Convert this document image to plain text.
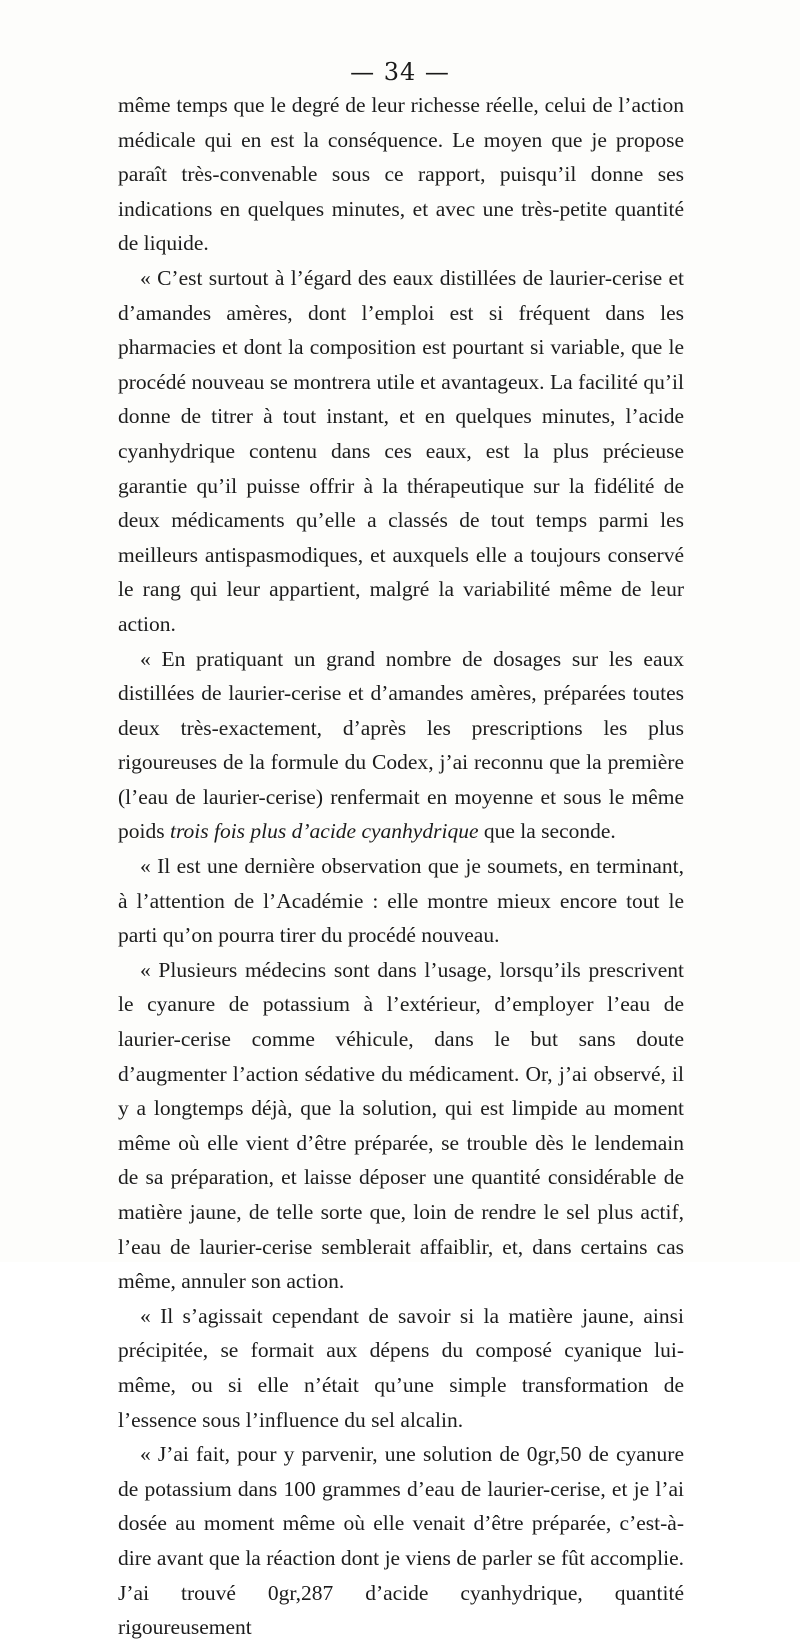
— 34 —

même temps que le degré de leur richesse réelle, celui de l’action médicale qui en est la conséquence. Le moyen que je propose paraît très-convenable sous ce rapport, puisqu’il donne ses indications en quelques minutes, et avec une très-petite quantité de liquide.

« C’est surtout à l’égard des eaux distillées de laurier-cerise et d’amandes amères, dont l’emploi est si fréquent dans les pharmacies et dont la composition est pourtant si variable, que le procédé nouveau se montrera utile et avantageux. La facilité qu’il donne de titrer à tout instant, et en quelques minutes, l’acide cyanhydrique contenu dans ces eaux, est la plus précieuse garantie qu’il puisse offrir à la thérapeutique sur la fidélité de deux médicaments qu’elle a classés de tout temps parmi les meilleurs antispasmodiques, et auxquels elle a toujours conservé le rang qui leur appartient, malgré la variabilité même de leur action.

« En pratiquant un grand nombre de dosages sur les eaux distillées de laurier-cerise et d’amandes amères, préparées toutes deux très-exactement, d’après les prescriptions les plus rigoureuses de la formule du Codex, j’ai reconnu que la première (l’eau de laurier-cerise) renfermait en moyenne et sous le même poids trois fois plus d’acide cyanhydrique que la seconde.

« Il est une dernière observation que je soumets, en terminant, à l’attention de l’Académie : elle montre mieux encore tout le parti qu’on pourra tirer du procédé nouveau.

« Plusieurs médecins sont dans l’usage, lorsqu’ils prescrivent le cyanure de potassium à l’extérieur, d’employer l’eau de laurier-cerise comme véhicule, dans le but sans doute d’augmenter l’action sédative du médicament. Or, j’ai observé, il y a longtemps déjà, que la solution, qui est limpide au moment même où elle vient d’être préparée, se trouble dès le lendemain de sa préparation, et laisse déposer une quantité considérable de matière jaune, de telle sorte que, loin de rendre le sel plus actif, l’eau de laurier-cerise semblerait affaiblir, et, dans certains cas même, annuler son action.

« Il s’agissait cependant de savoir si la matière jaune, ainsi précipitée, se formait aux dépens du composé cyanique lui-même, ou si elle n’était qu’une simple transformation de l’essence sous l’influence du sel alcalin.

« J’ai fait, pour y parvenir, une solution de 0gr,50 de cyanure de potassium dans 100 grammes d’eau de laurier-cerise, et je l’ai dosée au moment même où elle venait d’être préparée, c’est-à-dire avant que la réaction dont je viens de parler se fût accomplie. J’ai trouvé 0gr,287 d’acide cyanhydrique, quantité rigoureusement
